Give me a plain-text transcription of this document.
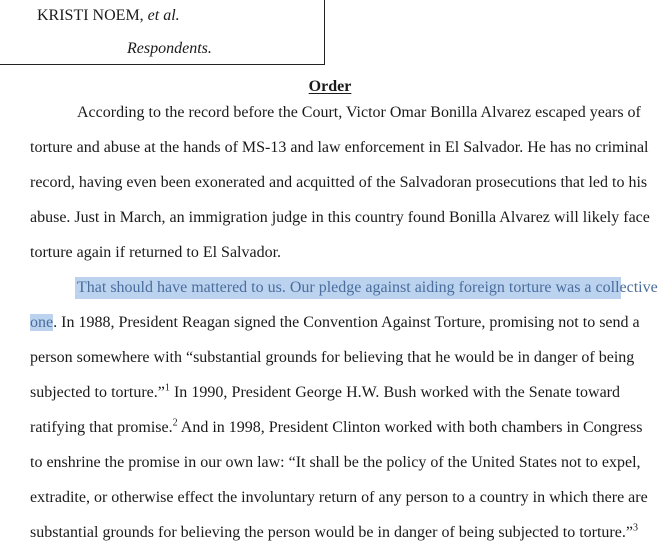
KRISTI NOEM, et al.
Respondents.
Order
According to the record before the Court, Victor Omar Bonilla Alvarez escaped years of
torture and abuse at the hands of MS-13 and law enforcement in El Salvador. He has no criminal
record, having even been exonerated and acquitted of the Salvadoran prosecutions that led to his
abuse. Just in March, an immigration judge in this country found Bonilla Alvarez will likely face
torture again if returned to El Salvador.
That should have mattered to us. Our pledge against aiding foreign torture was a collective
one. In 1988, President Reagan signed the Convention Against Torture, promising not to send a
person somewhere with “substantial grounds for believing that he would be in danger of being
subjected to torture.”$^1$ In 1990, President George H.W. Bush worked with the Senate toward
ratifying that promise.$^2$ And in 1998, President Clinton worked with both chambers in Congress
to enshrine the promise in our own law: “It shall be the policy of the United States not to expel,
extradite, or otherwise effect the involuntary return of any person to a country in which there are
substantial grounds for believing the person would be in danger of being subjected to torture.”$^3$
